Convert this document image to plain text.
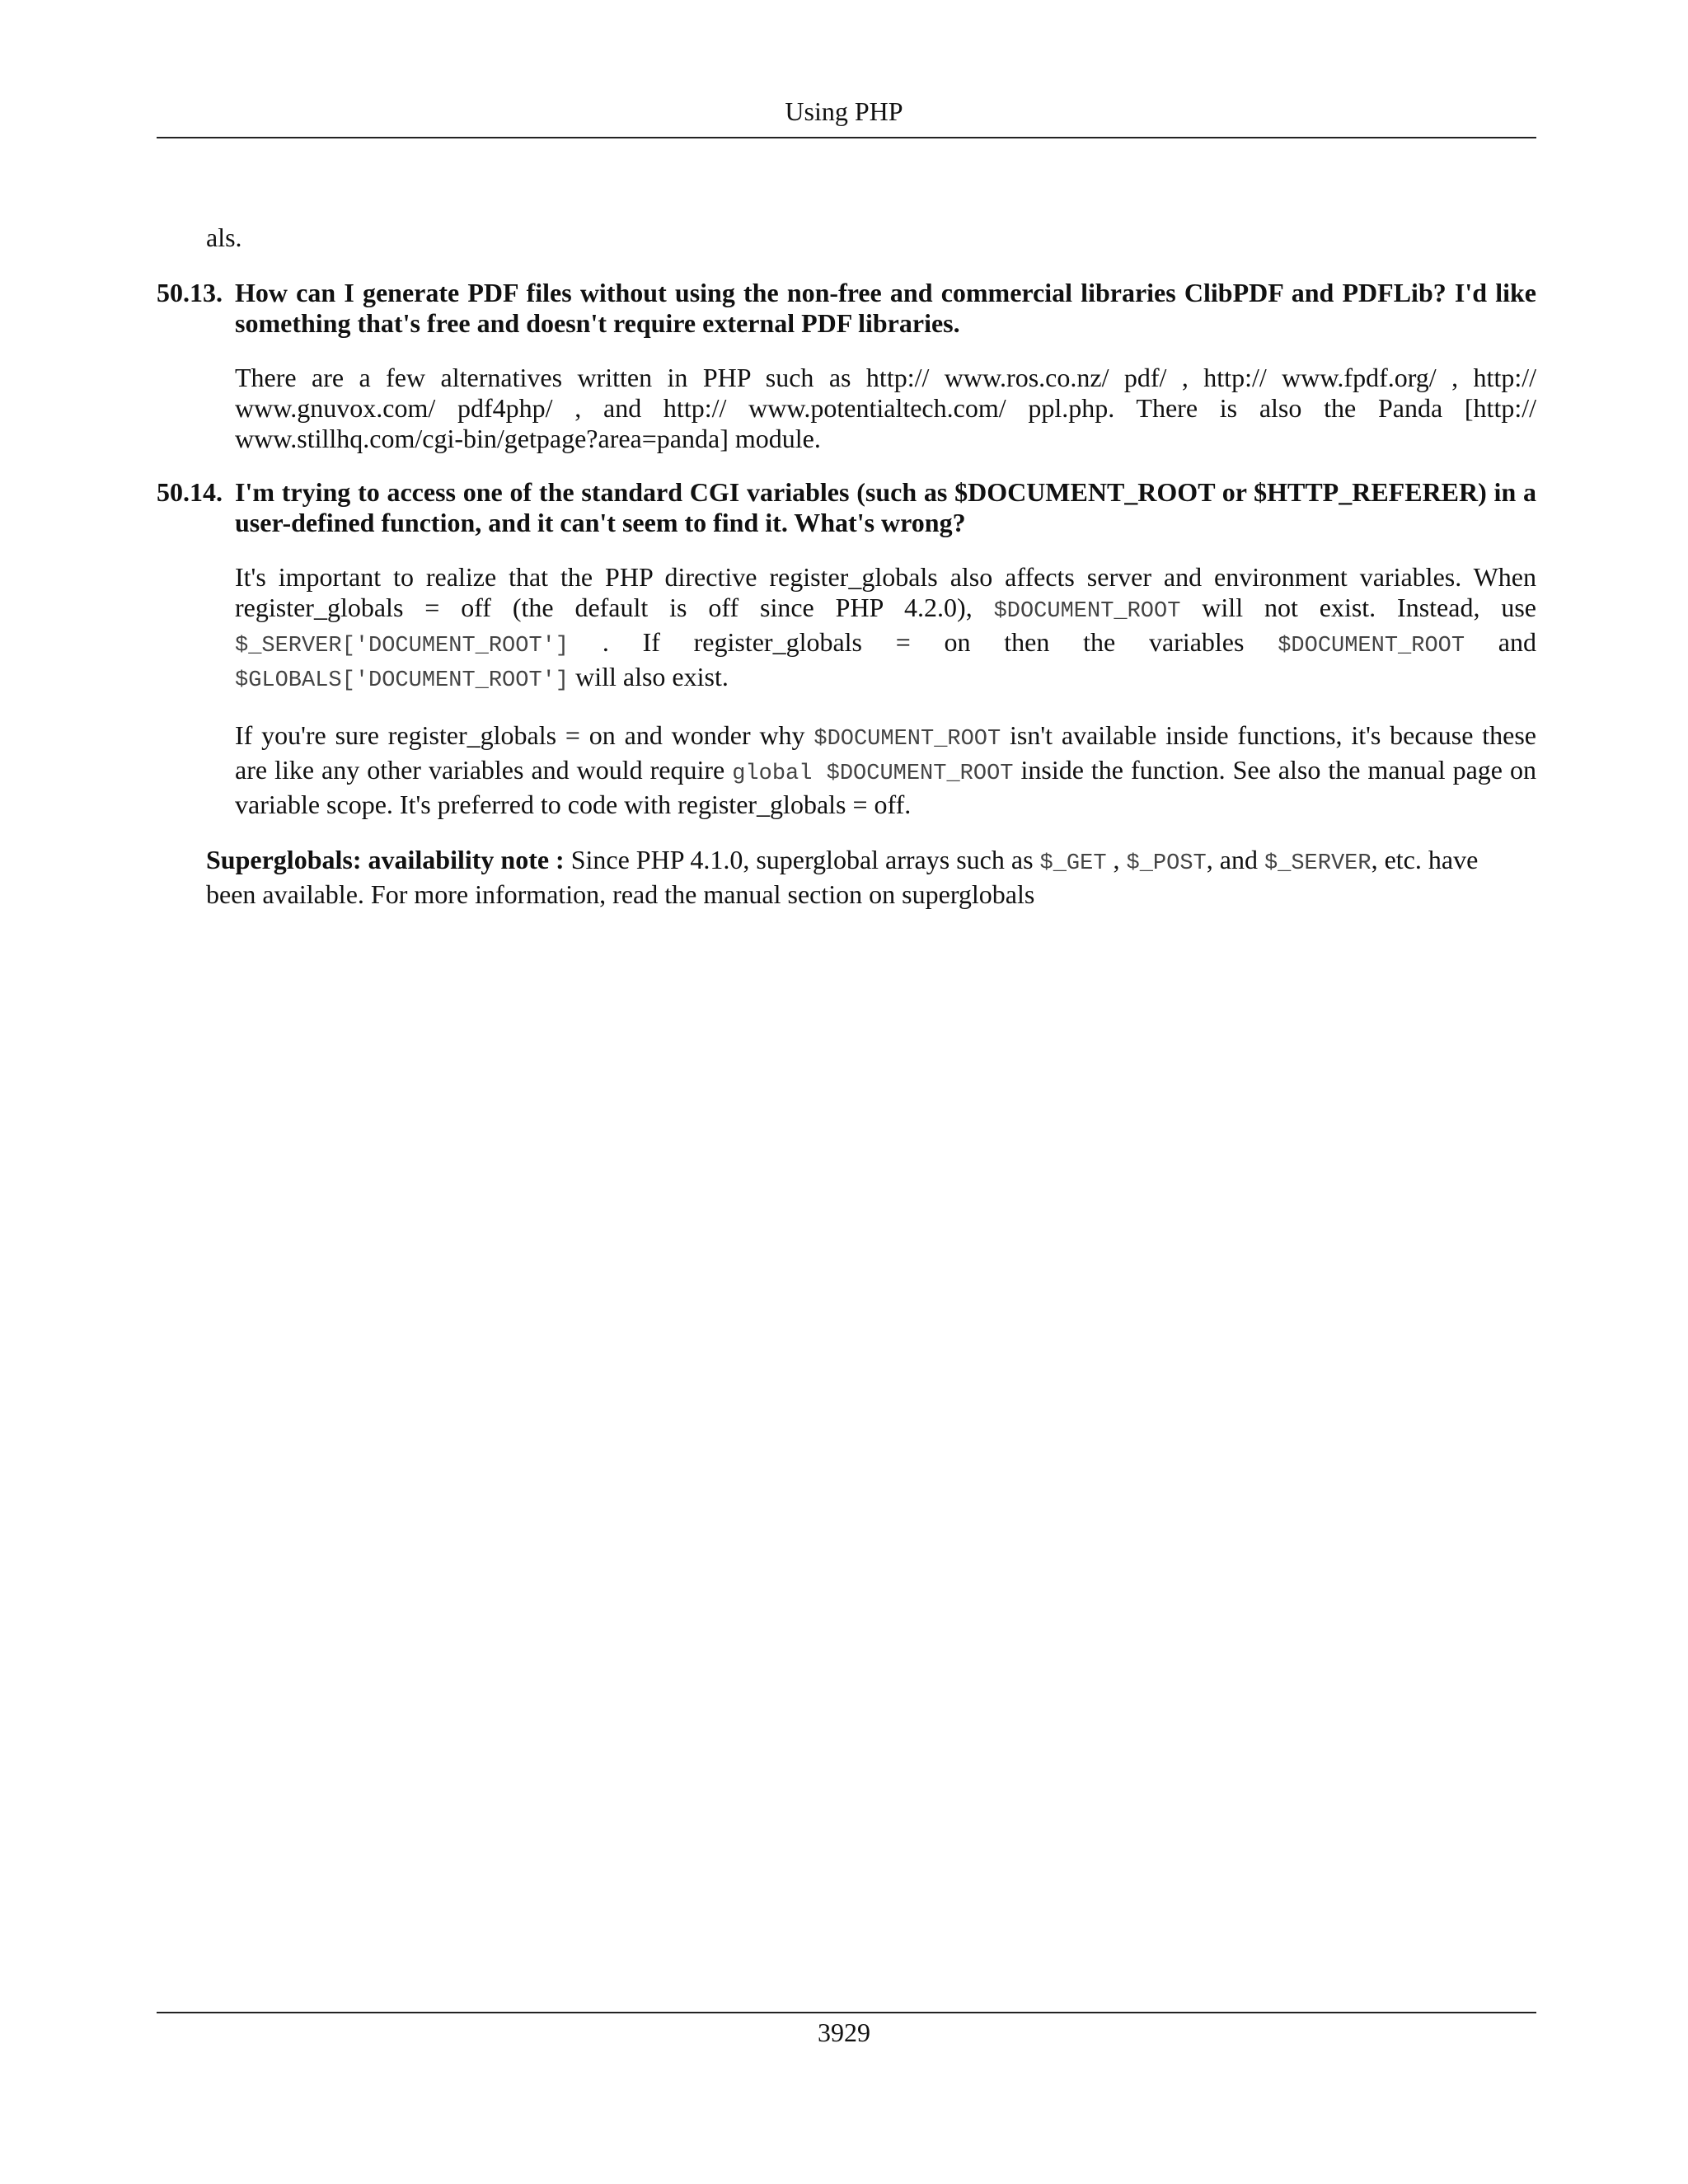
Using PHP
als.
50.13. How can I generate PDF files without using the non-free and commercial libraries ClibPDF and PDFLib? I'd like something that's free and doesn't require external PDF libraries.
There are a few alternatives written in PHP such as http:// www.ros.co.nz/ pdf/ , http:// www.fpdf.org/ , http:// www.gnuvox.com/ pdf4php/ , and http:// www.potentialtech.com/ ppl.php. There is also the Panda [http:// www.stillhq.com/cgi-bin/getpage?area=panda] module.
50.14. I'm trying to access one of the standard CGI variables (such as $DOCUMENT_ROOT or $HTTP_REFERER) in a user-defined function, and it can't seem to find it. What's wrong?
It's important to realize that the PHP directive register_globals also affects server and environment variables. When register_globals = off (the default is off since PHP 4.2.0), $DOCUMENT_ROOT will not exist. Instead, use $_SERVER['DOCUMENT_ROOT'] . If register_globals = on then the variables $DOCUMENT_ROOT and $GLOBALS['DOCUMENT_ROOT'] will also exist.
If you're sure register_globals = on and wonder why $DOCUMENT_ROOT isn't available inside functions, it's because these are like any other variables and would require global $DOCUMENT_ROOT inside the function. See also the manual page on variable scope. It's preferred to code with register_globals = off.
Superglobals: availability note : Since PHP 4.1.0, superglobal arrays such as $_GET , $_POST, and $_SERVER, etc. have been available. For more information, read the manual section on superglobals
3929
